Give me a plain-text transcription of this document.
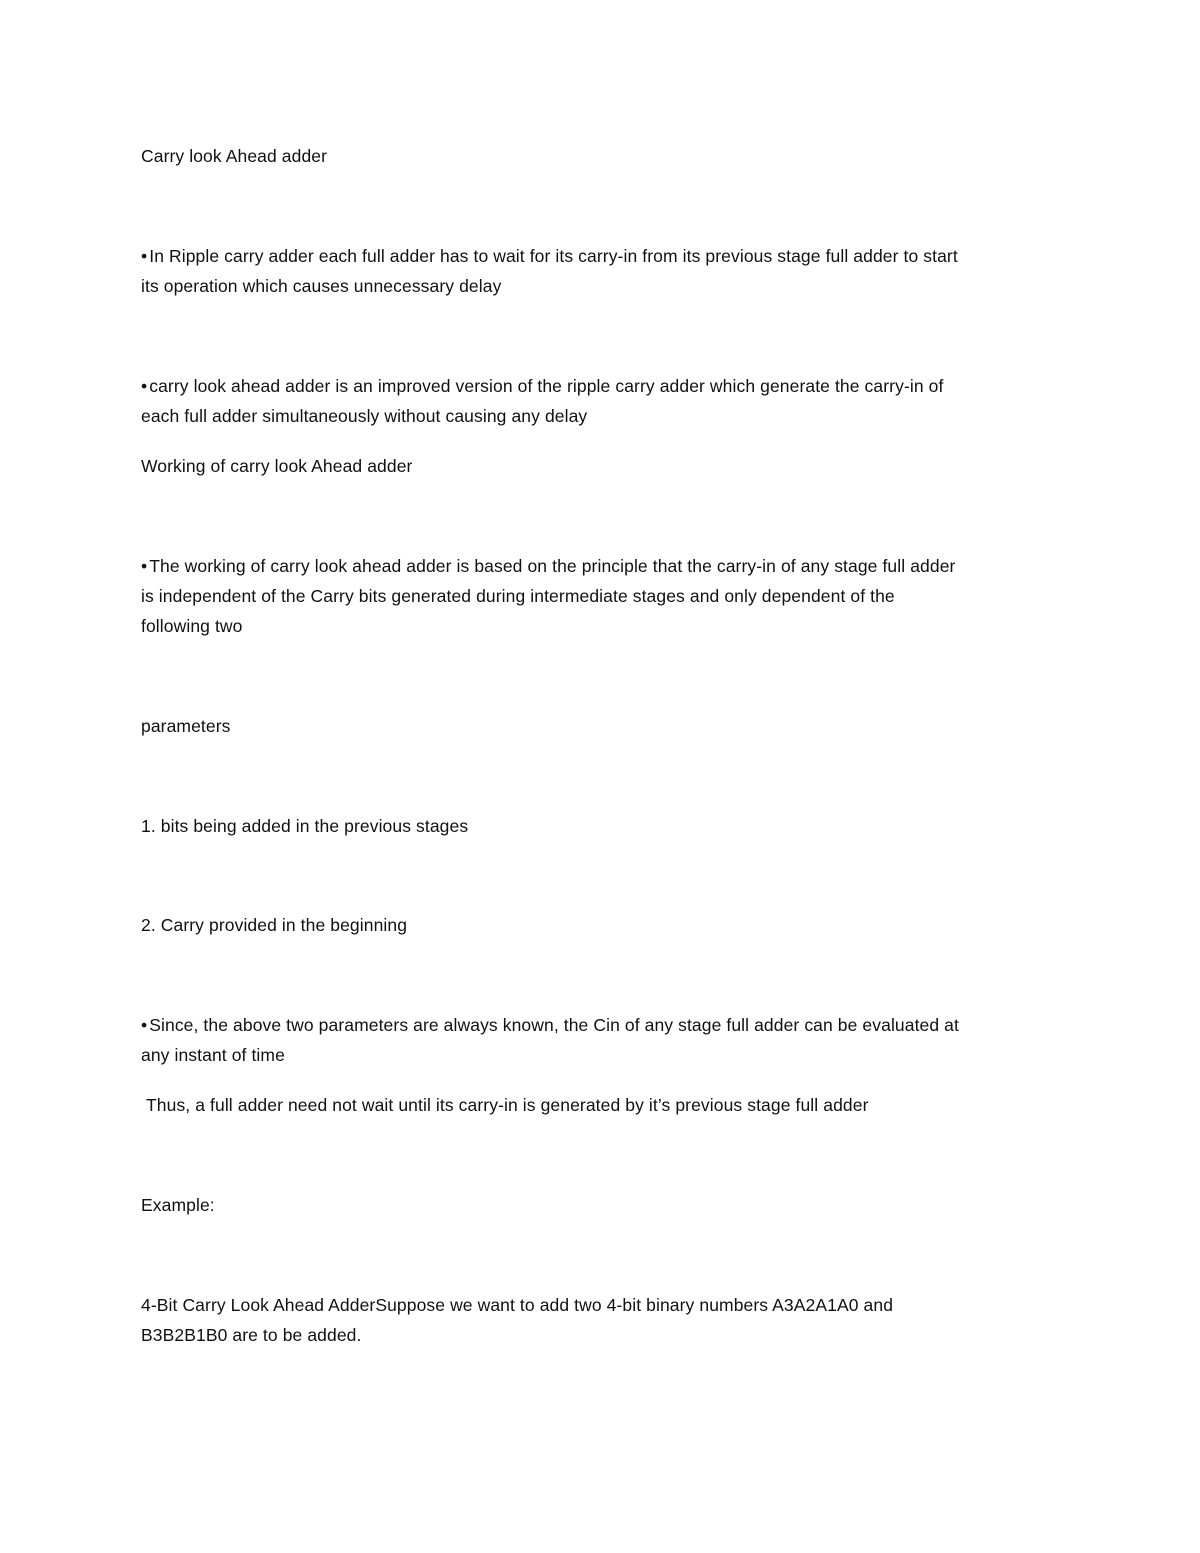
Carry look Ahead adder
• In Ripple carry adder each full adder has to wait for its carry-in from its previous stage full adder to start
its operation which causes unnecessary delay
• carry look ahead adder is an improved version of the ripple carry adder which generate the carry-in of
each full adder simultaneously without causing any delay
Working of carry look Ahead adder
• The working of carry look ahead adder is based on the principle that the carry-in of any stage full adder
is independent of the Carry bits generated during intermediate stages and only dependent of the
following two
parameters
1. bits being added in the previous stages
2. Carry provided in the beginning
• Since, the above two parameters are always known, the Cin of any stage full adder can be evaluated at
any instant of time
Thus, a full adder need not wait until its carry-in is generated by it’s previous stage full adder
Example:
4-Bit Carry Look Ahead AdderSuppose we want to add two 4-bit binary numbers A3A2A1A0 and
B3B2B1B0 are to be added.
